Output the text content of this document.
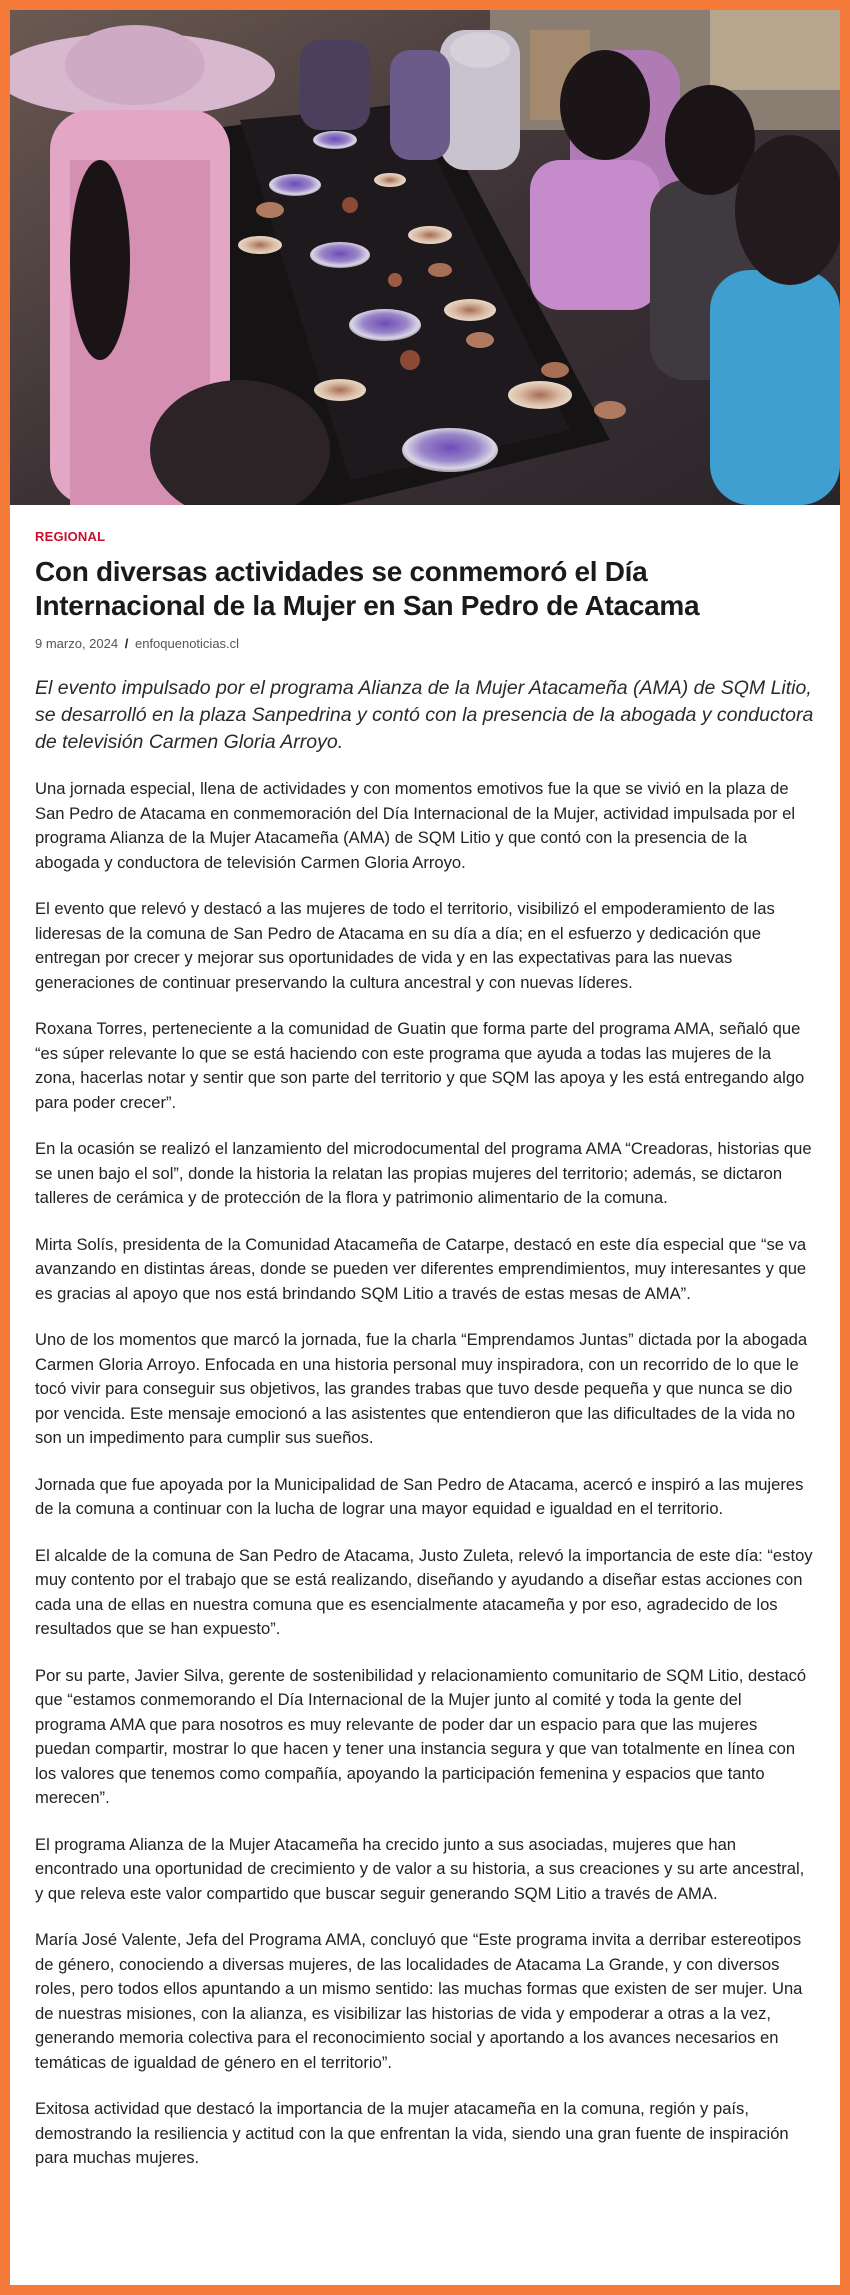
REGIONAL
Con diversas actividades se conmemoró el Día Internacional de la Mujer en San Pedro de Atacama
9 marzo, 2024 / enfoquenoticias.cl

El evento impulsado por el programa Alianza de la Mujer Atacameña (AMA) de SQM Litio, se desarrolló en la plaza Sanpedrina y contó con la presencia de la abogada y conductora de televisión Carmen Gloria Arroyo.

Una jornada especial, llena de actividades y con momentos emotivos fue la que se vivió en la plaza de San Pedro de Atacama en conmemoración del Día Internacional de la Mujer, actividad impulsada por el programa Alianza de la Mujer Atacameña (AMA) de SQM Litio y que contó con la presencia de la abogada y conductora de televisión Carmen Gloria Arroyo.

El evento que relevó y destacó a las mujeres de todo el territorio, visibilizó el empoderamiento de las lideresas de la comuna de San Pedro de Atacama en su día a día; en el esfuerzo y dedicación que entregan por crecer y mejorar sus oportunidades de vida y en las expectativas para las nuevas generaciones de continuar preservando la cultura ancestral y con nuevas líderes.

Roxana Torres, perteneciente a la comunidad de Guatin que forma parte del programa AMA, señaló que “es súper relevante lo que se está haciendo con este programa que ayuda a todas las mujeres de la zona, hacerlas notar y sentir que son parte del territorio y que SQM las apoya y les está entregando algo para poder crecer”.

En la ocasión se realizó el lanzamiento del microdocumental del programa AMA “Creadoras, historias que se unen bajo el sol”, donde la historia la relatan las propias mujeres del territorio; además, se dictaron talleres de cerámica y de protección de la flora y patrimonio alimentario de la comuna.

Mirta Solís, presidenta de la Comunidad Atacameña de Catarpe, destacó en este día especial que “se va avanzando en distintas áreas, donde se pueden ver diferentes emprendimientos, muy interesantes y que es gracias al apoyo que nos está brindando SQM Litio a través de estas mesas de AMA”.

Uno de los momentos que marcó la jornada, fue la charla “Emprendamos Juntas” dictada por la abogada Carmen Gloria Arroyo. Enfocada en una historia personal muy inspiradora, con un recorrido de lo que le tocó vivir para conseguir sus objetivos, las grandes trabas que tuvo desde pequeña y que nunca se dio por vencida. Este mensaje emocionó a las asistentes que entendieron que las dificultades de la vida no son un impedimento para cumplir sus sueños.

Jornada que fue apoyada por la Municipalidad de San Pedro de Atacama, acercó e inspiró a las mujeres de la comuna a continuar con la lucha de lograr una mayor equidad e igualdad en el territorio.

El alcalde de la comuna de San Pedro de Atacama, Justo Zuleta, relevó la importancia de este día: “estoy muy contento por el trabajo que se está realizando, diseñando y ayudando a diseñar estas acciones con cada una de ellas en nuestra comuna que es esencialmente atacameña y por eso, agradecido de los resultados que se han expuesto”.

Por su parte, Javier Silva, gerente de sostenibilidad y relacionamiento comunitario de SQM Litio, destacó que “estamos conmemorando el Día Internacional de la Mujer junto al comité y toda la gente del programa AMA que para nosotros es muy relevante de poder dar un espacio para que las mujeres puedan compartir, mostrar lo que hacen y tener una instancia segura y que van totalmente en línea con los valores que tenemos como compañía, apoyando la participación femenina y espacios que tanto merecen”.

El programa Alianza de la Mujer Atacameña ha crecido junto a sus asociadas, mujeres que han encontrado una oportunidad de crecimiento y de valor a su historia, a sus creaciones y su arte ancestral, y que releva este valor compartido que buscar seguir generando SQM Litio a través de AMA.

María José Valente, Jefa del Programa AMA, concluyó que “Este programa invita a derribar estereotipos de género, conociendo a diversas mujeres, de las localidades de Atacama La Grande, y con diversos roles, pero todos ellos apuntando a un mismo sentido: las muchas formas que existen de ser mujer. Una de nuestras misiones, con la alianza, es visibilizar las historias de vida y empoderar a otras a la vez, generando memoria colectiva para el reconocimiento social y aportando a los avances necesarios en temáticas de igualdad de género en el territorio”.

Exitosa actividad que destacó la importancia de la mujer atacameña en la comuna, región y país, demostrando la resiliencia y actitud con la que enfrentan la vida, siendo una gran fuente de inspiración para muchas mujeres.
